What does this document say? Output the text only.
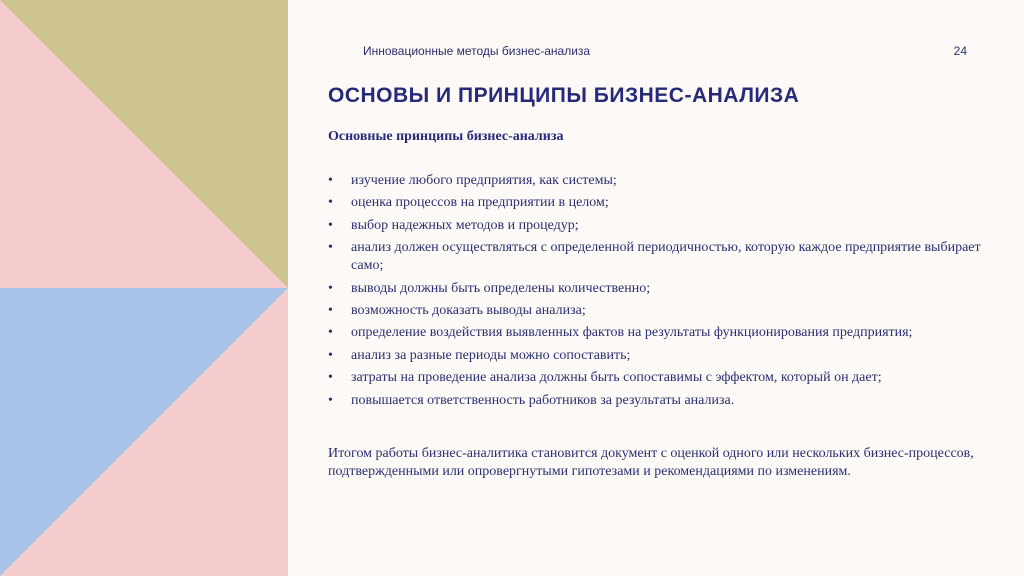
Инновационные методы бизнес-анализа	24
ОСНОВЫ И ПРИНЦИПЫ БИЗНЕС-АНАЛИЗА
Основные принципы бизнес-анализа
• изучение любого предприятия, как системы;
• оценка процессов на предприятии в целом;
• выбор надежных методов и процедур;
• анализ должен осуществляться с определенной периодичностью, которую каждое предприятие выбирает само;
• выводы должны быть определены количественно;
• возможность доказать выводы анализа;
• определение воздействия выявленных фактов на результаты функционирования предприятия;
• анализ за разные периоды можно сопоставить;
• затраты на проведение анализа должны быть сопоставимы с эффектом, который он дает;
• повышается ответственность работников за результаты анализа.

Итогом работы бизнес-аналитика становится документ с оценкой одного или нескольких бизнес-процессов, подтвержденными или опровергнутыми гипотезами и рекомендациями по изменениям.
